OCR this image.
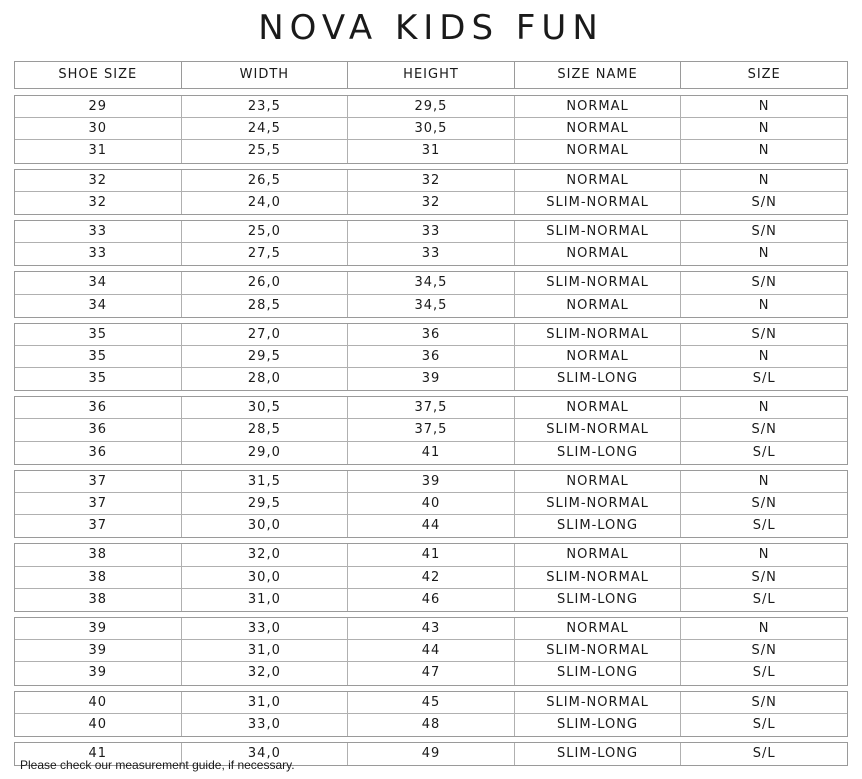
NOVA KIDS FUN
SHOE SIZE	WIDTH	HEIGHT	SIZE NAME	SIZE
29	23,5	29,5	NORMAL	N
30	24,5	30,5	NORMAL	N
31	25,5	31	NORMAL	N
32	26,5	32	NORMAL	N
32	24,0	32	SLIM-NORMAL	S/N
33	25,0	33	SLIM-NORMAL	S/N
33	27,5	33	NORMAL	N
34	26,0	34,5	SLIM-NORMAL	S/N
34	28,5	34,5	NORMAL	N
35	27,0	36	SLIM-NORMAL	S/N
35	29,5	36	NORMAL	N
35	28,0	39	SLIM-LONG	S/L
36	30,5	37,5	NORMAL	N
36	28,5	37,5	SLIM-NORMAL	S/N
36	29,0	41	SLIM-LONG	S/L
37	31,5	39	NORMAL	N
37	29,5	40	SLIM-NORMAL	S/N
37	30,0	44	SLIM-LONG	S/L
38	32,0	41	NORMAL	N
38	30,0	42	SLIM-NORMAL	S/N
38	31,0	46	SLIM-LONG	S/L
39	33,0	43	NORMAL	N
39	31,0	44	SLIM-NORMAL	S/N
39	32,0	47	SLIM-LONG	S/L
40	31,0	45	SLIM-NORMAL	S/N
40	33,0	48	SLIM-LONG	S/L
41	34,0	49	SLIM-LONG	S/L
Please check our measurement guide, if necessary.
